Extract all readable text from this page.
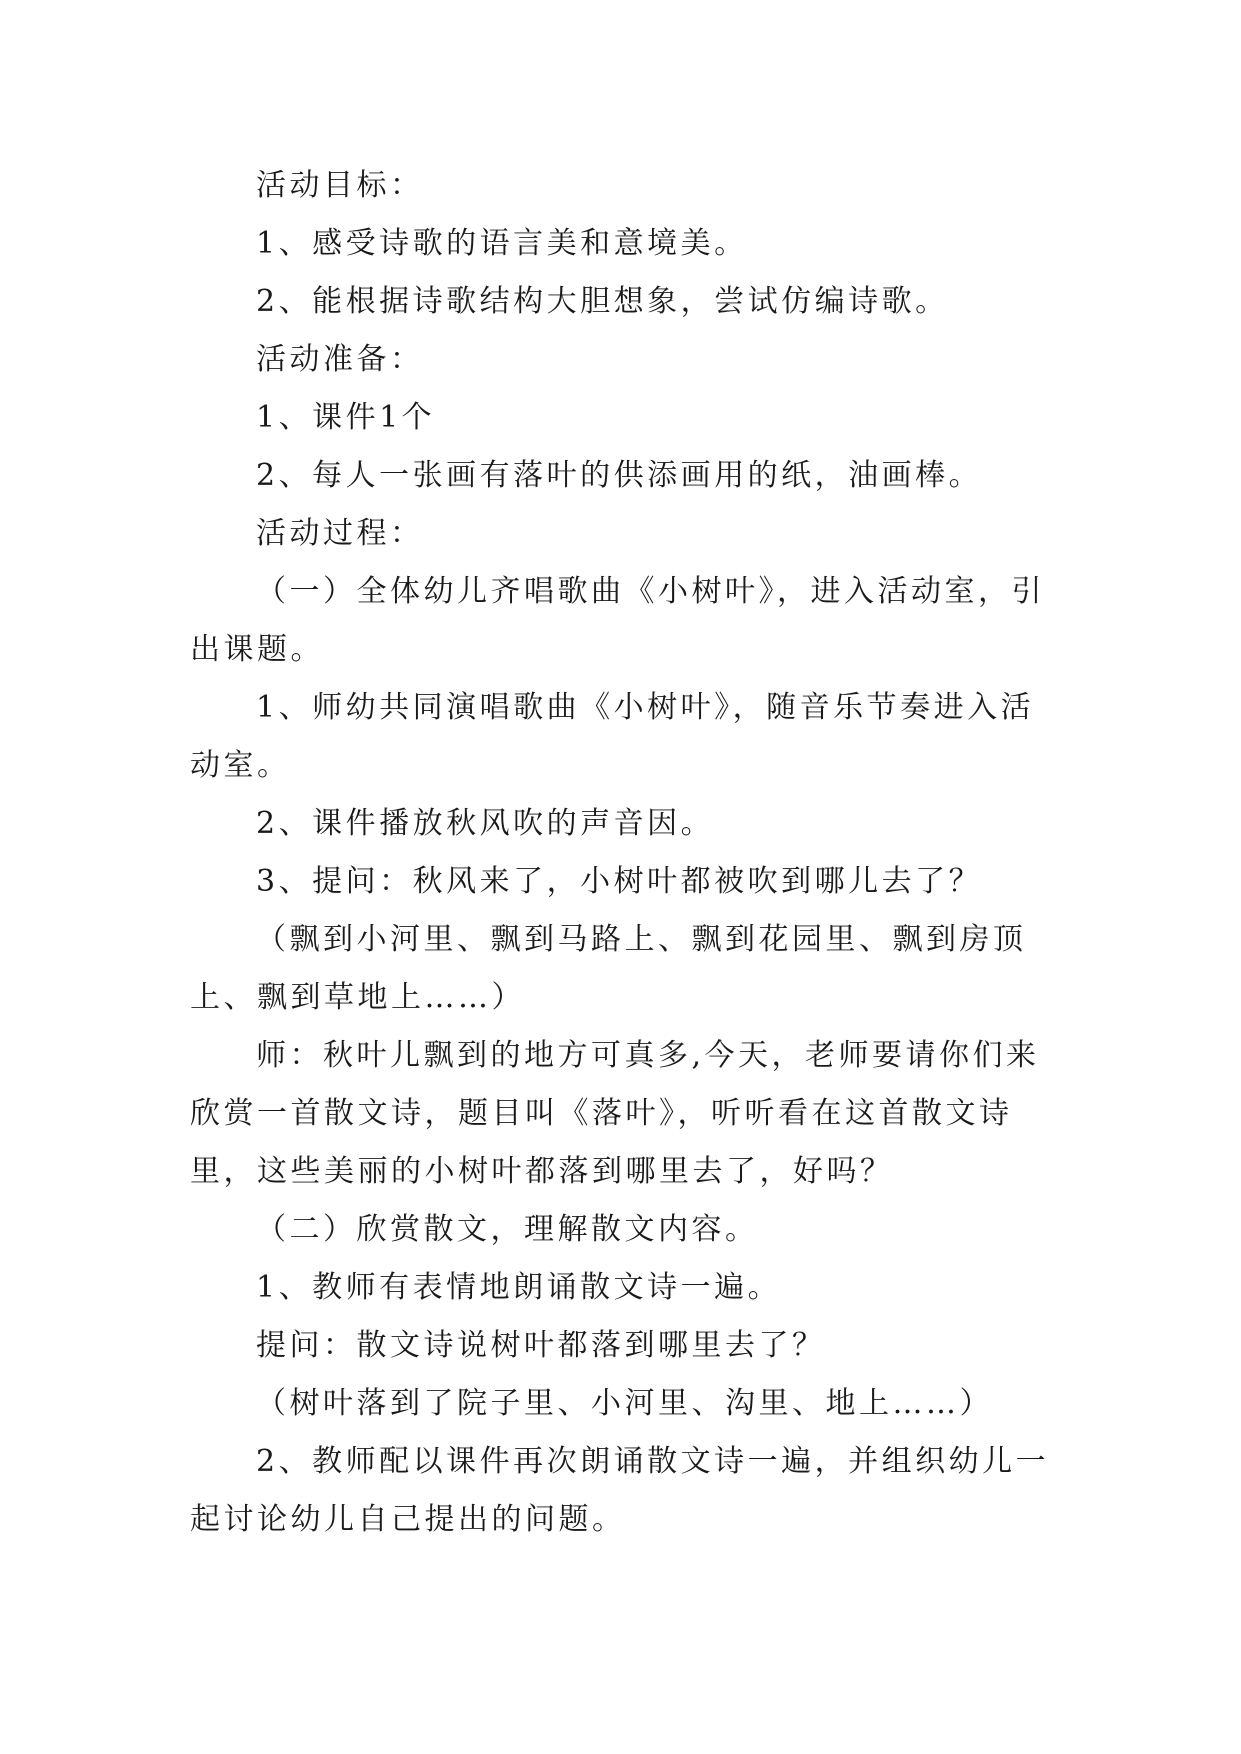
活动目标：

1、感受诗歌的语言美和意境美。

2、能根据诗歌结构大胆想象，尝试仿编诗歌。

活动准备：

1、课件1个

2、每人一张画有落叶的供添画用的纸，油画棒。

活动过程：

（一）全体幼儿齐唱歌曲《小树叶》，进入活动室，引出课题。

1、师幼共同演唱歌曲《小树叶》，随音乐节奏进入活动室。

2、课件播放秋风吹的声音因。

3、提问：秋风来了，小树叶都被吹到哪儿去了？

（飘到小河里、飘到马路上、飘到花园里、飘到房顶上、飘到草地上……）

师：秋叶儿飘到的地方可真多,今天，老师要请你们来欣赏一首散文诗，题目叫《落叶》，听听看在这首散文诗里，这些美丽的小树叶都落到哪里去了，好吗？

（二）欣赏散文，理解散文内容。

1、教师有表情地朗诵散文诗一遍。

提问：散文诗说树叶都落到哪里去了？

（树叶落到了院子里、小河里、沟里、地上……）

2、教师配以课件再次朗诵散文诗一遍，并组织幼儿一起讨论幼儿自己提出的问题。
